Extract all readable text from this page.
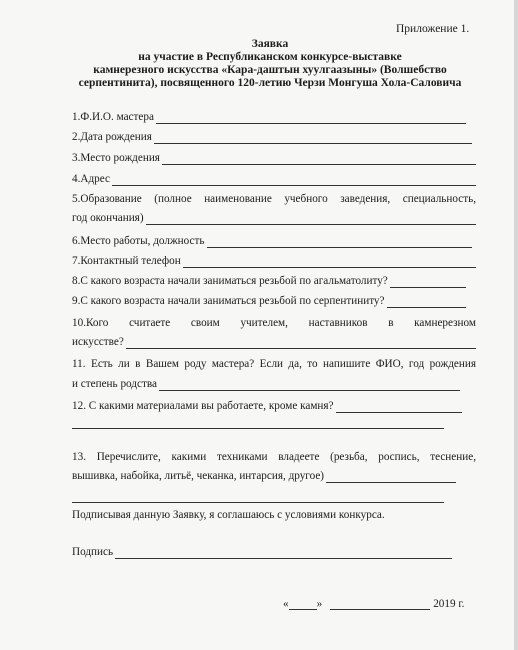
Приложение 1.
Заявка
на участие в Республиканском конкурсе-выставке
камнерезного искусства «Кара-даштын хуулгаазыны» (Волшебство
серпентинита), посвященного 120-летию Черзи Монгуша Хола-Саловича
1.Ф.И.О. мастера
2.Дата рождения
3.Место рождения
4.Адрес
5.Образование (полное наименование учебного заведения, специальность,
год окончания)
6.Место работы, должность
7.Контактный телефон
8.С какого возраста начали заниматься резьбой по агальматолиту?
9.С какого возраста начали заниматься резьбой по серпентиниту?
10.Кого считаете своим учителем, наставников в камнерезном
искусстве?
11. Есть ли в Вашем роду мастера? Если да, то напишите ФИО, год рождения
и степень родства
12. С какими материалами вы работаете, кроме камня?
13. Перечислите, какими техниками владеете (резьба, роспись, теснение,
вышивка, набойка, литьё, чеканка, интарсия, другое)
Подписывая данную Заявку, я соглашаюсь с условиями конкурса.
Подпись
«	»	2019 г.
